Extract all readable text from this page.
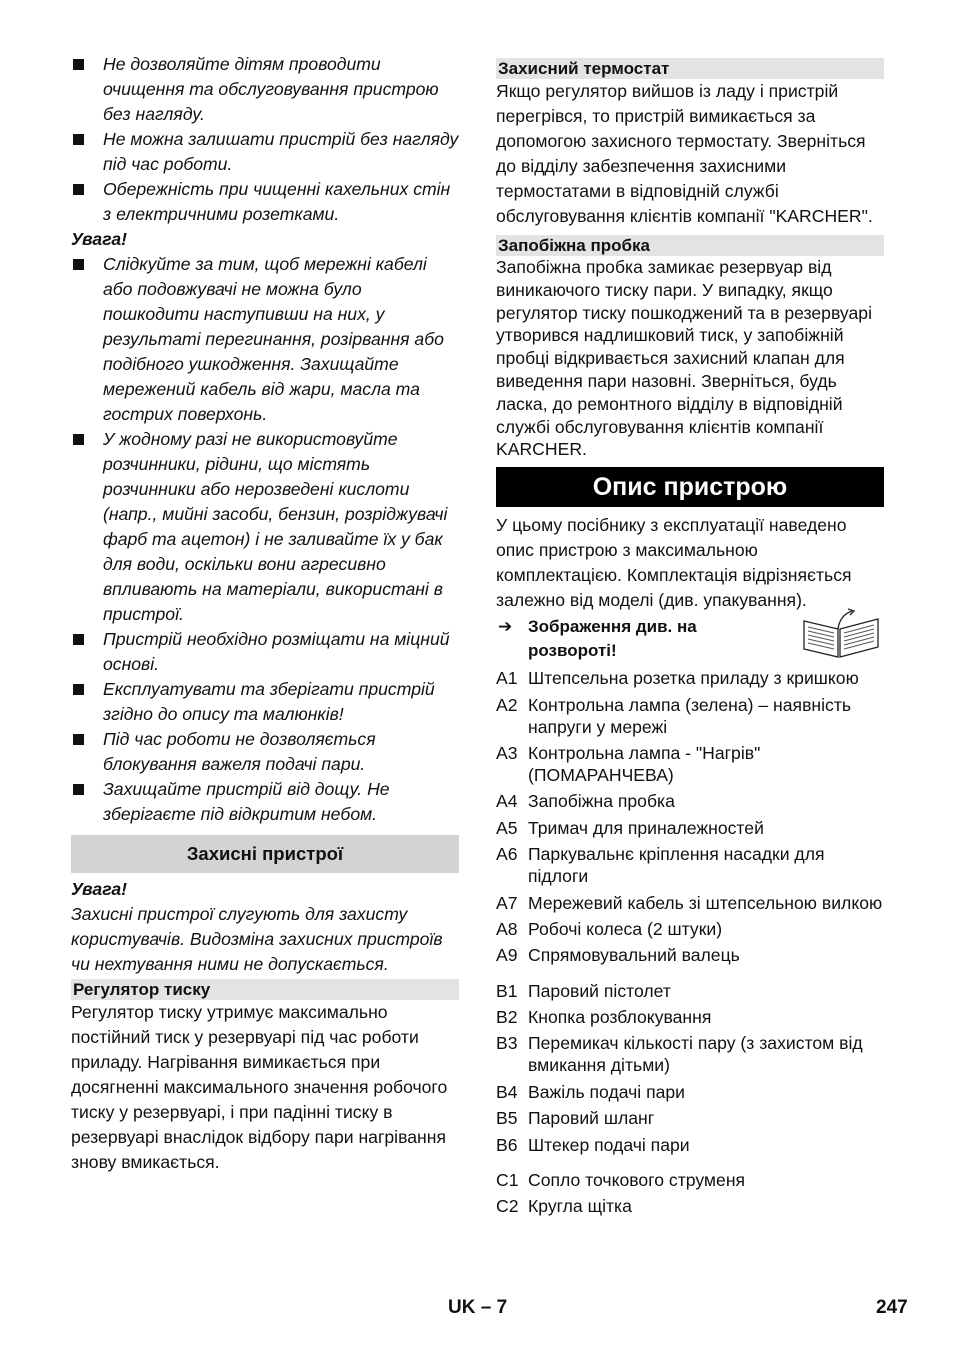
Не дозволяйте дітям проводити очищення та обслуговування пристрою без нагляду.
Не можна залишати пристрій без нагляду під час роботи.
Обережність при чищенні кахельних стін з електричними розетками.
Увага!
Слідкуйте за тим, щоб мережні кабелі або подовжувачі не можна було пошкодити наступивши на них, у результаті перегинання, розірвання або подібного ушкодження. Захищайте мережений кабель від жари, масла та гострих поверхонь.
У жодному разі не використовуйте розчинники, рідини, що містять розчинники або нерозведені кислоти (напр., мийні засоби, бензин, розріджувачі фарб та ацетон) і не заливайте їх у бак для води, оскільки вони агресивно впливають на матеріали, використані в пристрої.
Пристрій необхідно розміщати на міцний основі.
Експлуатувати та зберігати пристрій згідно до опису та малюнків!
Під час роботи не дозволяється блокування важеля подачі пари.
Захищайте пристрій від дощу. Не зберігаєте під відкритим небом.
Захисні пристрої
Увага!

Захисні пристрої слугують для захисту користувачів. Видозміна захисних пристроїв чи нехтування ними не допускається.

Регулятор тиску

Регулятор тиску утримує максимально постійний тиск у резервуарі під час роботи приладу. Нагрівання вимикається при досягненні максимального значення робочого тиску у резервуарі, і при падінні тиску в резервуарі внаслідок відбору пари нагрівання знову вмикається.

Захисний термостат

Якщо регулятор вийшов із ладу і пристрій перегрівся, то пристрій вимикається за допомогою захисного термостату. Зверніться до відділу забезпечення захисними термостатами в відповідній службі обслуговування клієнтів компанії "KARCHER".

Запобіжна пробка

Запобіжна пробка замикає резервуар від виникаючого тиску пари. У випадку, якщо регулятор тиску пошкоджений та в резервуарі утворився надлишковий тиск, у запобіжній пробці відкривається захисний клапан для виведення пари назовні. Зверніться, будь ласка, до ремонтного відділу в відповідній службі обслуговування клієнтів компанії KARCHER.

Опис пристрою

У цьому посібнику з експлуатації наведено опис пристрою з максимальною комплектацією. Комплектація відрізняється залежно від моделі (див. упакування).

➔ Зображення див. на розвороті!
A1 Штепсельна розетка приладу з кришкою
A2 Контрольна лампа (зелена) – наявність напруги у мережі
A3 Контрольна лампа - "Нагрів" (ПОМАРАНЧЕВА)
A4 Запобіжна пробка
A5 Тримач для приналежностей
A6 Паркувальнє кріплення насадки для підлоги
A7 Мережевий кабель зі штепсельною вилкою
A8 Робочі колеса (2 штуки)
A9 Спрямовувальний валець
B1 Паровий пістолет
B2 Кнопка розблокування
B3 Перемикач кількості пару (з захистом від вмикання дітьми)
B4 Важіль подачі пари
B5 Паровий шланг
B6 Штекер подачі пари
C1 Сопло точкового струменя
C2 Кругла щітка
UK – 7	247
